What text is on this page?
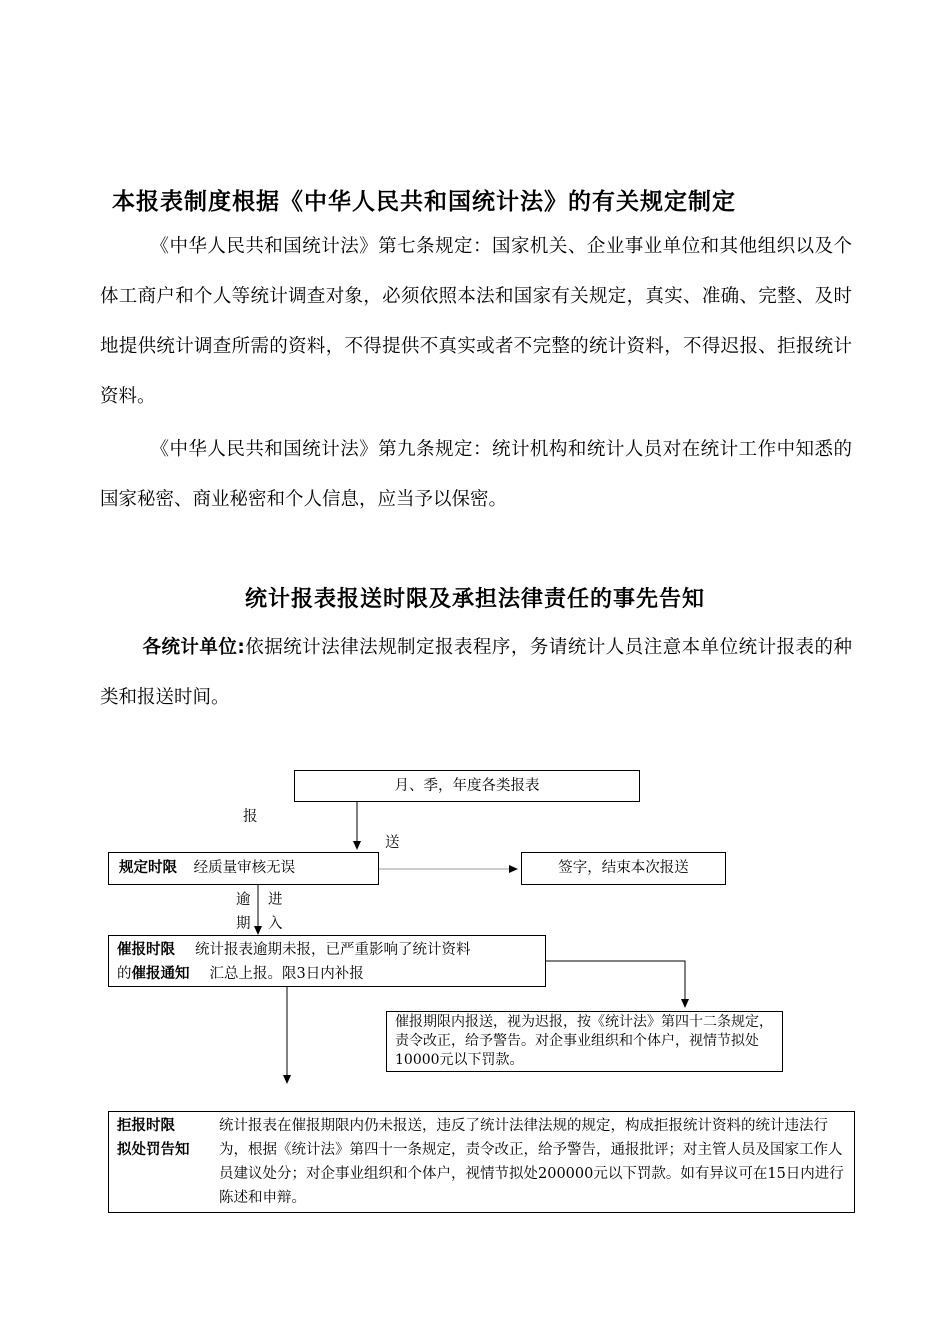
本报表制度根据《中华人民共和国统计法》的有关规定制定
《中华人民共和国统计法》第七条规定：国家机关、企业事业单位和其他组织以及个体工商户和个人等统计调查对象，必须依照本法和国家有关规定，真实、准确、完整、及时地提供统计调查所需的资料，不得提供不真实或者不完整的统计资料，不得迟报、拒报统计资料。
《中华人民共和国统计法》第九条规定：统计机构和统计人员对在统计工作中知悉的国家秘密、商业秘密和个人信息，应当予以保密。
统计报表报送时限及承担法律责任的事先告知
各统计单位:依据统计法律法规制定报表程序，务请统计人员注意本单位统计报表的种类和报送时间。
月、季，年度各类报表
报
送
规定时限 经质量审核无误	签字，结束本次报送
逾
期
进
入
催报时限 统计报表逾期未报，已严重影响了统计资料
的催报通知 汇总上报。限3日内补报
催报期限内报送，视为迟报，按《统计法》第四十二条规定，责令改正，给予警告。对企事业组织和个体户，视情节拟处10000元以下罚款。
拒报时限
拟处罚告知
统计报表在催报期限内仍未报送，违反了统计法律法规的规定，构成拒报统计资料的统计违法行为，根据《统计法》第四十一条规定，责令改正，给予警告，通报批评；对主管人员及国家工作人员建议处分；对企事业组织和个体户，视情节拟处200000元以下罚款。如有异议可在15日内进行陈述和申辩。
